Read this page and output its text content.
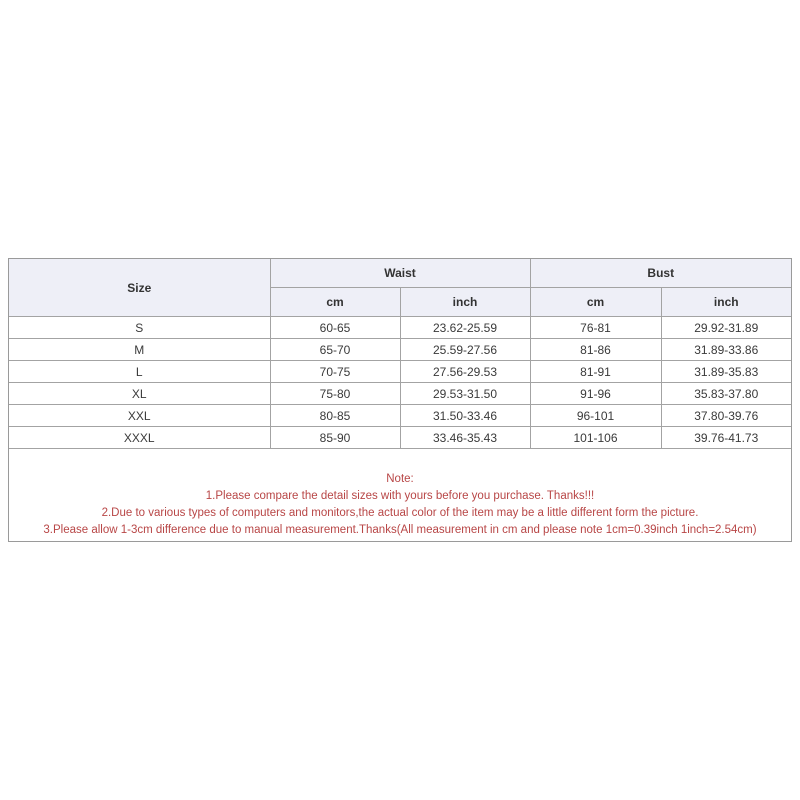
Size	Waist		Bust	
	cm	inch	cm	inch
S	60-65	23.62-25.59	76-81	29.92-31.89
M	65-70	25.59-27.56	81-86	31.89-33.86
L	70-75	27.56-29.53	81-91	31.89-35.83
XL	75-80	29.53-31.50	91-96	35.83-37.80
XXL	80-85	31.50-33.46	96-101	37.80-39.76
XXXL	85-90	33.46-35.43	101-106	39.76-41.73
Note:
1.Please compare the detail sizes with yours before you purchase. Thanks!!!
2.Due to various types of computers and monitors,the actual color of the item may be a little different form the picture.
3.Please allow 1-3cm difference due to manual measurement.Thanks(All measurement in cm and please note 1cm=0.39inch 1inch=2.54cm)
